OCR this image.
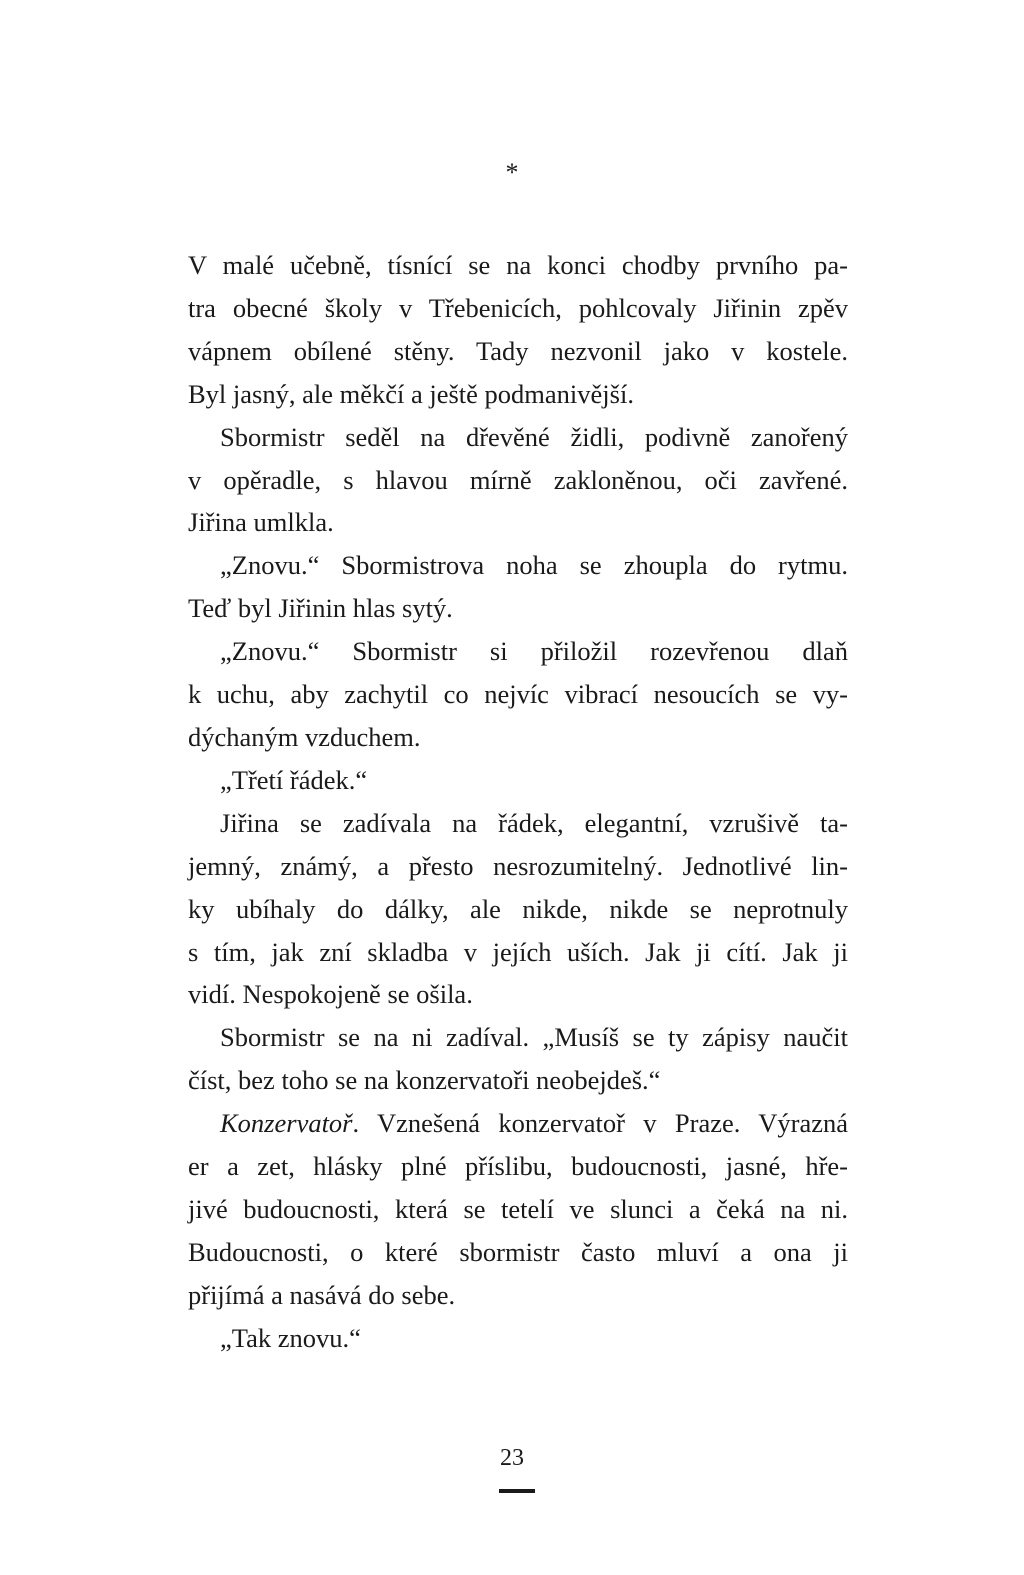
*

V malé učebně, tísnící se na konci chodby prvního pa-
tra obecné školy v Třebenicích, pohlcovaly Jiřinin zpěv
vápnem obílené stěny. Tady nezvonil jako v kostele.
Byl jasný, ale měkčí a ještě podmanivější.

Sbormistr seděl na dřevěné židli, podivně zanořený
v opěradle, s hlavou mírně zakloněnou, oči zavřené.
Jiřina umlkla.

„Znovu.“ Sbormistrova noha se zhoupla do rytmu.
Teď byl Jiřinin hlas sytý.

„Znovu.“ Sbormistr si přiložil rozevřenou dlaň
k uchu, aby zachytil co nejvíc vibrací nesoucích se vy-
dýchaným vzduchem.

„Třetí řádek.“

Jiřina se zadívala na řádek, elegantní, vzrušivě ta-
jemný, známý, a přesto nesrozumitelný. Jednotlivé lin-
ky ubíhaly do dálky, ale nikde, nikde se neprotnuly
s tím, jak zní skladba v jejích uších. Jak ji cítí. Jak ji
vidí. Nespokojeně se ošila.

Sbormistr se na ni zadíval. „Musíš se ty zápisy naučit
číst, bez toho se na konzervatoři neobejdeš.“

Konzervatoř. Vznešená konzervatoř v Praze. Výrazná
er a zet, hlásky plné příslibu, budoucnosti, jasné, hře-
jivé budoucnosti, která se tetelí ve slunci a čeká na ni.
Budoucnosti, o které sbormistr často mluví a ona ji
přijímá a nasává do sebe.

„Tak znovu.“

23
